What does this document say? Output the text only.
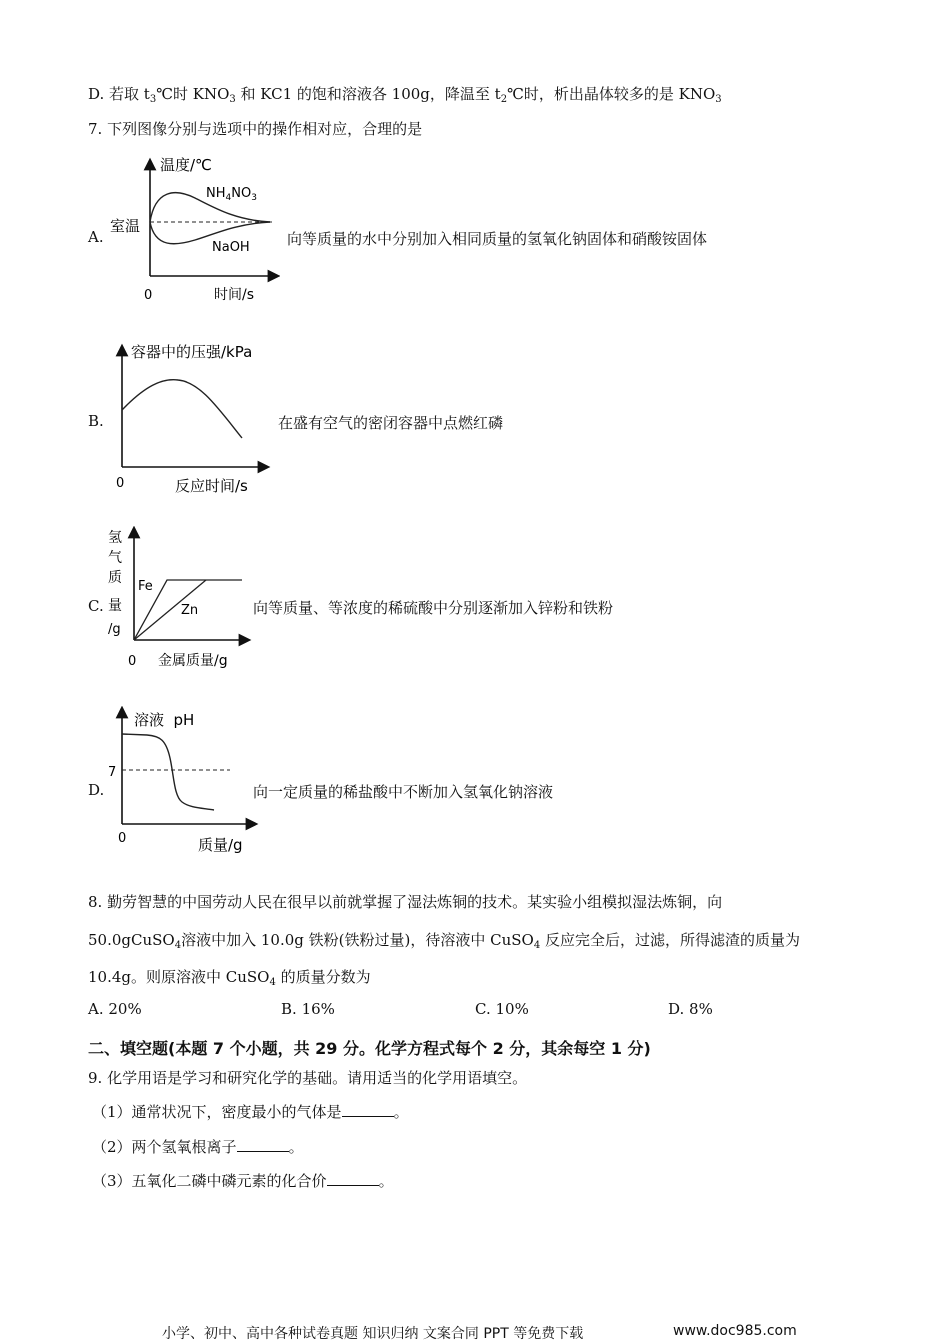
D. 若取 $t_3℃$时 $KNO_3$ 和 KC1 的饱和溶液各 100g，降温至 $t_2℃$时，析出晶体较多的是 $KNO_3$
7. 下列图像分别与选项中的操作相对应，合理的是
A.
温度/℃
室温
$NH_4NO_3$
NaOH
0	时间/s
向等质量的水中分别加入相同质量的氢氧化钠固体和硝酸铵固体
B.
容器中的压强/kPa
0	反应时间/s
在盛有空气的密闭容器中点燃红磷
C.
氢
气
质
量
/g
Fe
Zn
0 金属质量/g
向等质量、等浓度的稀硫酸中分别逐渐加入锌粉和铁粉
D.
溶液  pH
7
0	质量/g
向一定质量的稀盐酸中不断加入氢氧化钠溶液
8. 勤劳智慧的中国劳动人民在很早以前就掌握了湿法炼铜的技术。某实验小组模拟湿法炼铜，向
50.0gCuSO$_4$溶液中加入 10.0g 铁粉(铁粉过量)，待溶液中 CuSO$_4$ 反应完全后，过滤，所得滤渣的质量为
10.4g。则原溶液中 CuSO$_4$ 的质量分数为
A. 20%	B. 16%	C. 10%	D. 8%
二、填空题(本题 7 个小题，共 29 分。化学方程式每个 2 分，其余每空 1 分)
9. 化学用语是学习和研究化学的基础。请用适当的化学用语填空。
（1）通常状况下，密度最小的气体是	。
（2）两个氢氧根离子	。
（3）五氧化二磷中磷元素的化合价	。
小学、初中、高中各种试卷真题 知识归纳 文案合同 PPT 等免费下载	www.doc985.com
